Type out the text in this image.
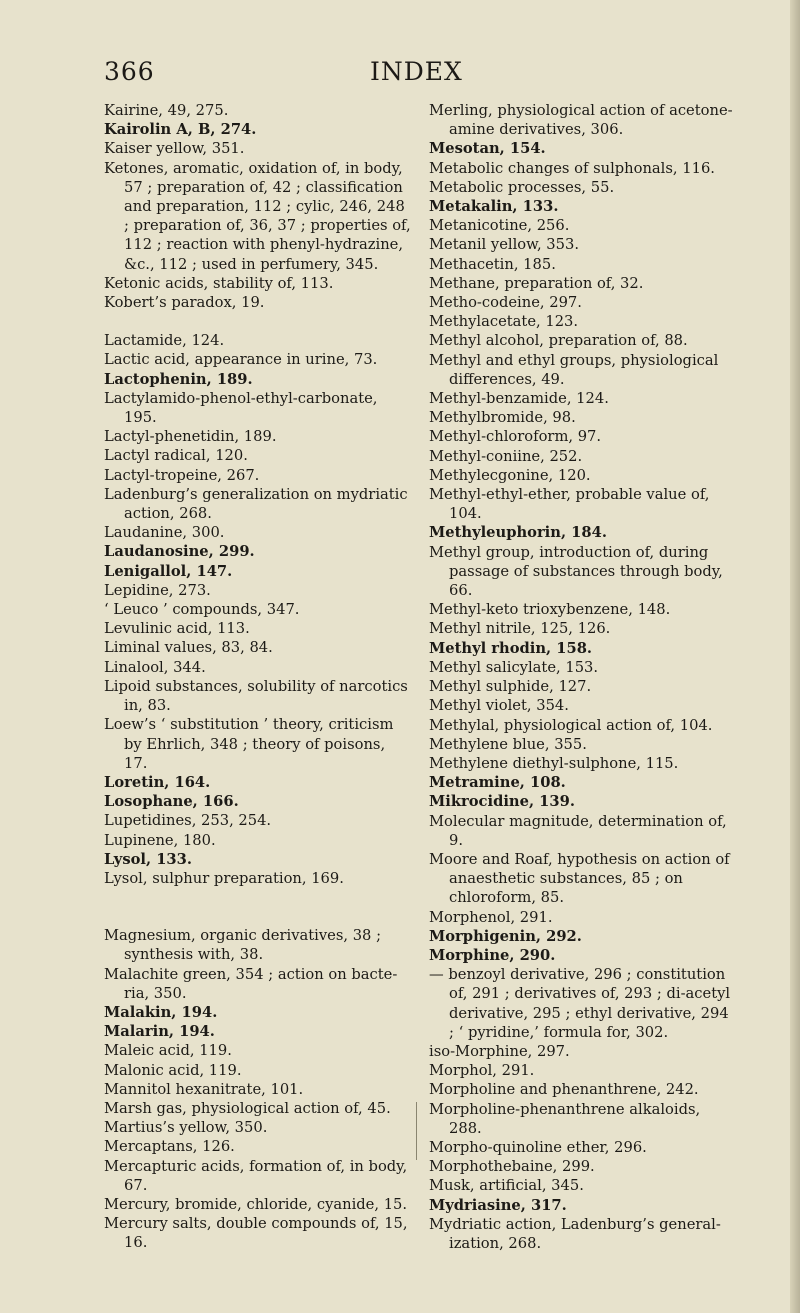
366	INDEX
Kairine, 49, 275.
Kairolin A, B, 274.
Kaiser yellow, 351.
Ketones, aromatic, oxidation of, in body, 57 ; preparation of, 42 ; classification and preparation, 112 ; cylic, 246, 248 ; preparation of, 36, 37 ; properties of, 112 ; reaction with phenyl-hydrazine, &c., 112 ; used in perfumery, 345.
Ketonic acids, stability of, 113.
Kobert’s paradox, 19.
Lactamide, 124.
Lactic acid, appearance in urine, 73.
Lactophenin, 189.
Lactylamido-phenol-ethyl-carbonate, 195.
Lactyl-phenetidin, 189.
Lactyl radical, 120.
Lactyl-tropeine, 267.
Ladenburg’s generalization on mydriatic action, 268.
Laudanine, 300.
Laudanosine, 299.
Lenigallol, 147.
Lepidine, 273.
‘ Leuco ’ compounds, 347.
Levulinic acid, 113.
Liminal values, 83, 84.
Linalool, 344.
Lipoid substances, solubility of narcotics in, 83.
Loew’s ‘ substitution ’ theory, criticism by Ehrlich, 348 ; theory of poisons, 17.
Loretin, 164.
Losophane, 166.
Lupetidines, 253, 254.
Lupinene, 180.
Lysol, 133.
Lysol, sulphur preparation, 169.
Magnesium, organic derivatives, 38 ; synthesis with, 38.
Malachite green, 354 ; action on bacteria, 350.
Malakin, 194.
Malarin, 194.
Maleic acid, 119.
Malonic acid, 119.
Mannitol hexanitrate, 101.
Marsh gas, physiological action of, 45.
Martius’s yellow, 350.
Mercaptans, 126.
Mercapturic acids, formation of, in body, 67.
Mercury, bromide, chloride, cyanide, 15.
Mercury salts, double compounds of, 15, 16.
Merling, physiological action of acetone-amine derivatives, 306.
Mesotan, 154.
Metabolic changes of sulphonals, 116.
Metabolic processes, 55.
Metakalin, 133.
Metanicotine, 256.
Metanil yellow, 353.
Methacetin, 185.
Methane, preparation of, 32.
Metho-codeine, 297.
Methylacetate, 123.
Methyl alcohol, preparation of, 88.
Methyl and ethyl groups, physiological differences, 49.
Methyl-benzamide, 124.
Methylbromide, 98.
Methyl-chloroform, 97.
Methyl-coniine, 252.
Methylecgonine, 120.
Methyl-ethyl-ether, probable value of, 104.
Methyleuphorin, 184.
Methyl group, introduction of, during passage of substances through body, 66.
Methyl-keto trioxybenzene, 148.
Methyl nitrile, 125, 126.
Methyl rhodin, 158.
Methyl salicylate, 153.
Methyl sulphide, 127.
Methyl violet, 354.
Methylal, physiological action of, 104.
Methylene blue, 355.
Methylene diethyl-sulphone, 115.
Metramine, 108.
Mikrocidine, 139.
Molecular magnitude, determination of, 9.
Moore and Roaf, hypothesis on action of anaesthetic substances, 85 ; on chloroform, 85.
Morphenol, 291.
Morphigenin, 292.
Morphine, 290.
— benzoyl derivative, 296 ; constitution of, 291 ; derivatives of, 293 ; di-acetyl derivative, 295 ; ethyl derivative, 294 ; ‘ pyridine,’ formula for, 302.
iso-Morphine, 297.
Morphol, 291.
Morpholine and phenanthrene, 242.
Morpholine-phenanthrene alkaloids, 288.
Morpho-quinoline ether, 296.
Morphothebaine, 299.
Musk, artificial, 345.
Mydriasine, 317.
Mydriatic action, Ladenburg’s generalization, 268.
